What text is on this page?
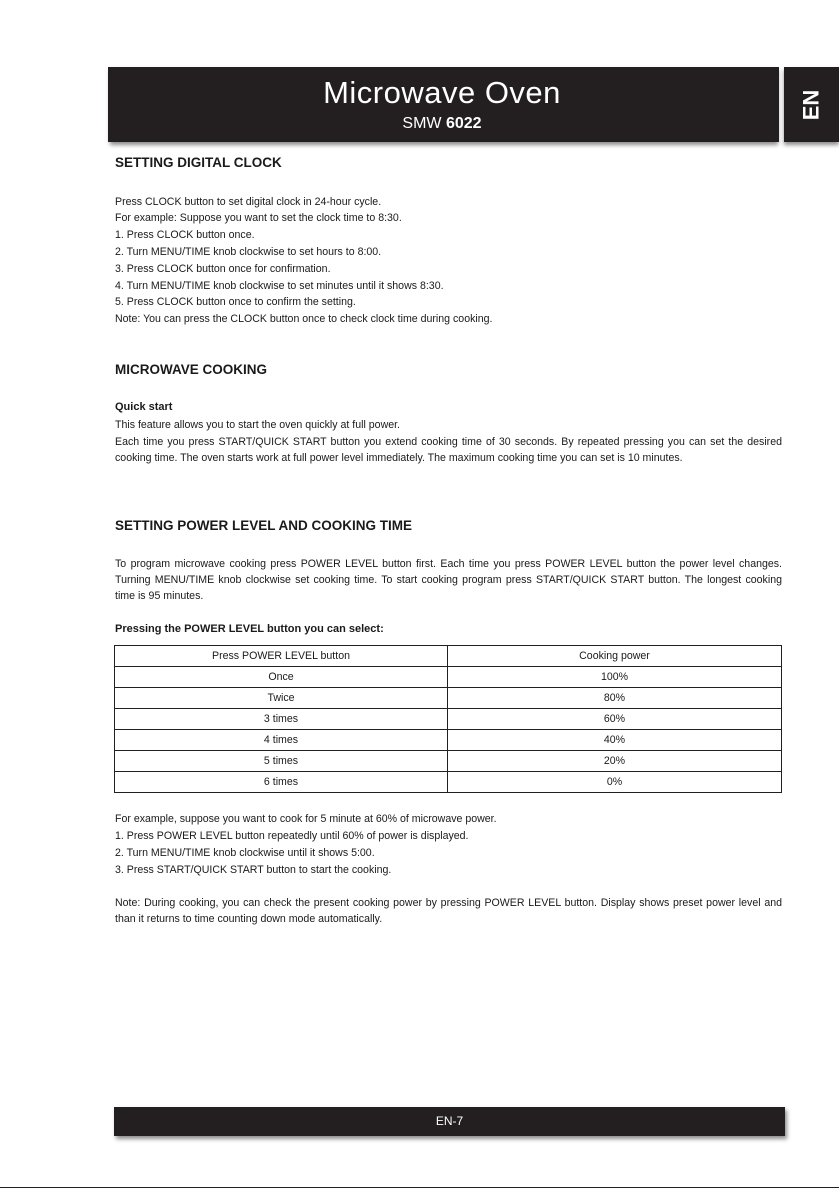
Microwave Oven
SMW 6022
EN
SETTING DIGITAL CLOCK
Press CLOCK button to set digital clock in 24-hour cycle.
For example: Suppose you want to set the clock time to 8:30.
1. Press CLOCK button once.
2. Turn MENU/TIME knob clockwise to set hours to 8:00.
3. Press CLOCK button once for confirmation.
4. Turn MENU/TIME knob clockwise to set minutes until it shows 8:30.
5. Press CLOCK button once to confirm the setting.
Note: You can press the CLOCK button once to check clock time during cooking.
MICROWAVE COOKING
Quick start
This feature allows you to start the oven quickly at full power.
Each time you press START/QUICK START button you extend cooking time of 30 seconds. By repeated pressing you can set the desired cooking time. The oven starts work at full power level immediately. The maximum cooking time you can set is 10 minutes.
SETTING POWER LEVEL AND COOKING TIME
To program microwave cooking press POWER LEVEL button first. Each time you press POWER LEVEL button the power level changes. Turning MENU/TIME knob clockwise set cooking time. To start cooking program press START/QUICK START button. The longest cooking time is 95 minutes.
Pressing the POWER LEVEL button you can select:
Press POWER LEVEL button	Cooking power
Once	100%
Twice	80%
3 times	60%
4 times	40%
5 times	20%
6 times	0%
For example, suppose you want to cook for 5 minute at 60% of microwave power.
1. Press POWER LEVEL button repeatedly until 60% of power is displayed.
2. Turn MENU/TIME knob clockwise until it shows 5:00.
3. Press START/QUICK START button to start the cooking.
Note: During cooking, you can check the present cooking power by pressing POWER LEVEL button. Display shows preset power level and than it returns to time counting down mode automatically.
EN-7
